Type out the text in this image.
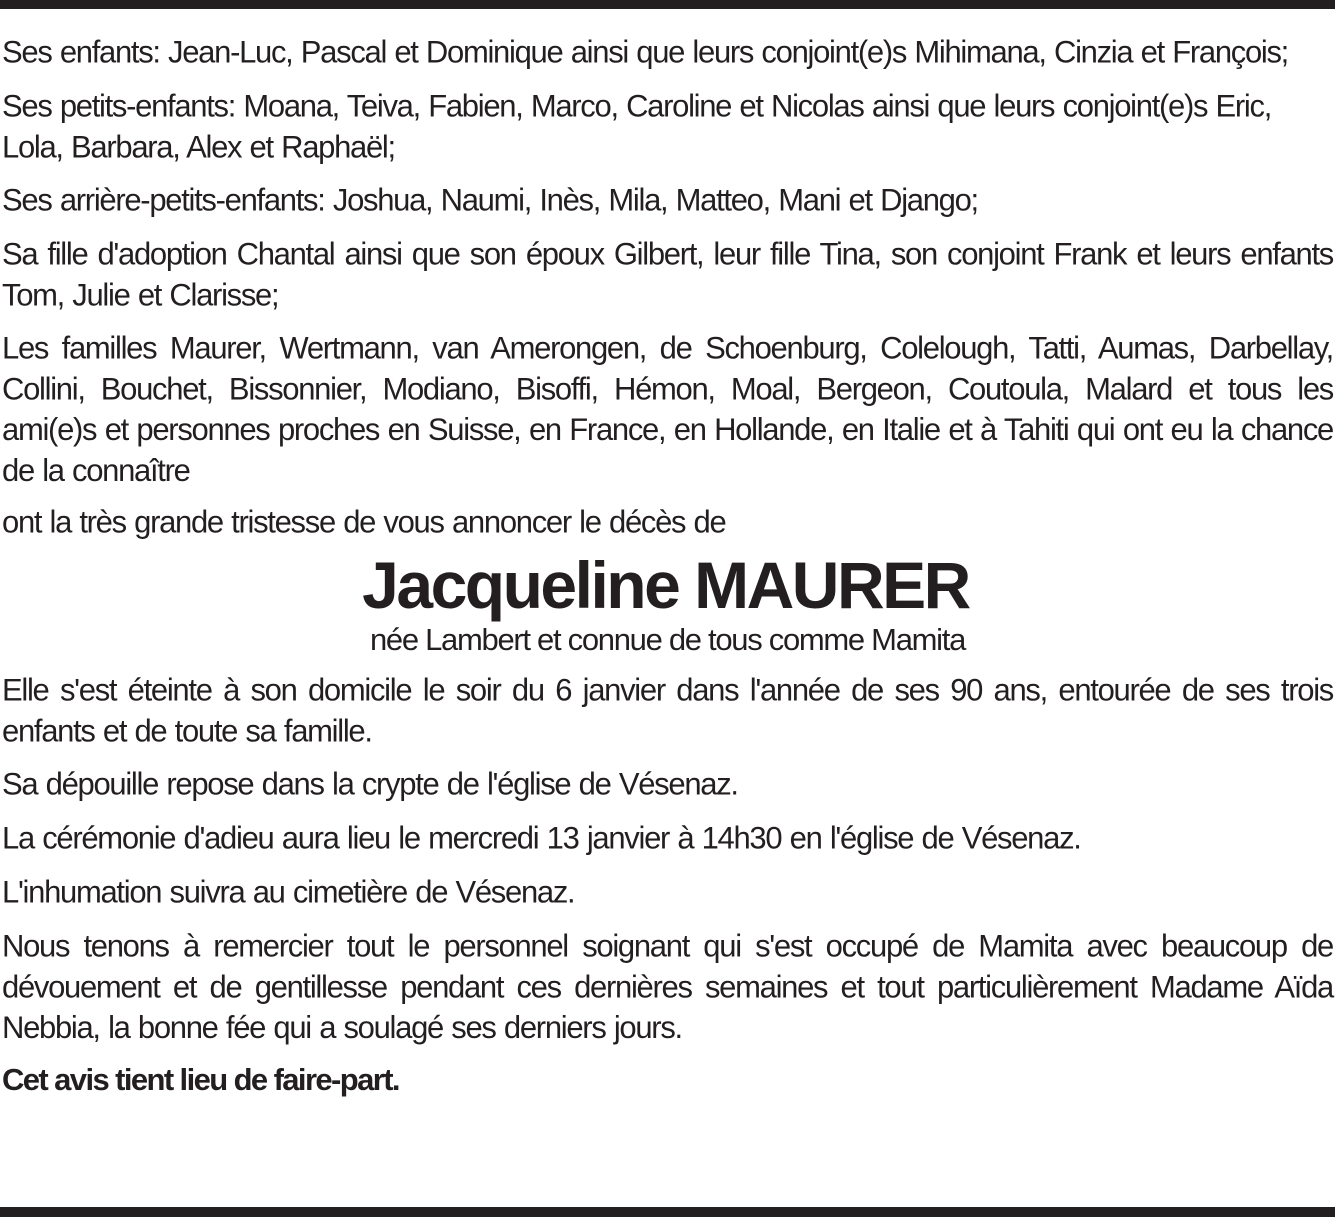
Ses enfants: Jean-Luc, Pascal et Dominique ainsi que leurs conjoint(e)s Mihimana, Cinzia et François;

Ses petits-enfants: Moana, Teiva, Fabien, Marco, Caroline et Nicolas ainsi que leurs conjoint(e)s Eric, Lola, Barbara, Alex et Raphaël;

Ses arrière-petits-enfants: Joshua, Naumi, Inès, Mila, Matteo, Mani et Django;

Sa fille d'adoption Chantal ainsi que son époux Gilbert, leur fille Tina, son conjoint Frank et leurs enfants Tom, Julie et Clarisse;

Les familles Maurer, Wertmann, van Amerongen, de Schoenburg, Colelough, Tatti, Aumas, Darbellay, Collini, Bouchet, Bissonnier, Modiano, Bisoffi, Hémon, Moal, Bergeon, Coutoula, Malard et tous les ami(e)s et personnes proches en Suisse, en France, en Hollande, en Italie et à Tahiti qui ont eu la chance de la connaître

ont la très grande tristesse de vous annoncer le décès de

Jacqueline MAURER
née Lambert et connue de tous comme Mamita

Elle s'est éteinte à son domicile le soir du 6 janvier dans l'année de ses 90 ans, entourée de ses trois enfants et de toute sa famille.

Sa dépouille repose dans la crypte de l'église de Vésenaz.

La cérémonie d'adieu aura lieu le mercredi 13 janvier à 14h30 en l'église de Vésenaz.

L'inhumation suivra au cimetière de Vésenaz.

Nous tenons à remercier tout le personnel soignant qui s'est occupé de Mamita avec beaucoup de dévouement et de gentillesse pendant ces dernières semaines et tout particulièrement Madame Aïda Nebbia, la bonne fée qui a soulagé ses derniers jours.

Cet avis tient lieu de faire-part.
